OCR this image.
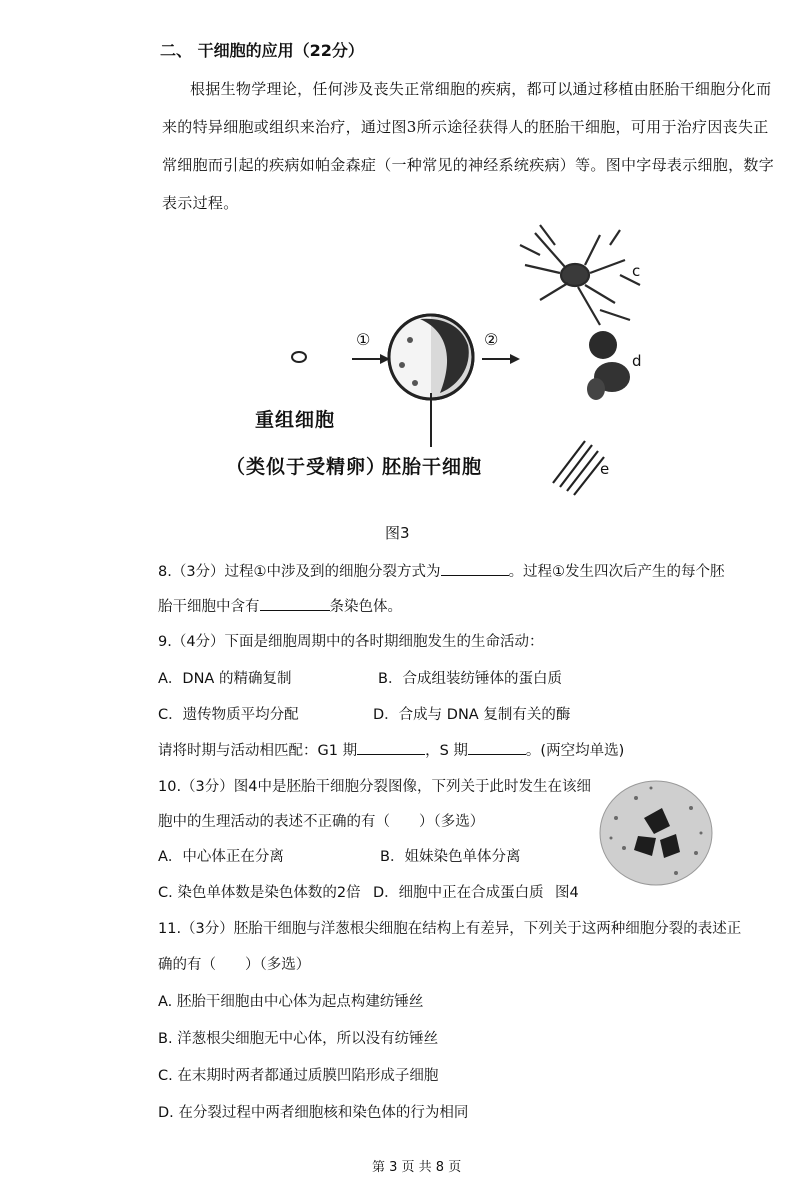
二、 干细胞的应用（22分）
根据生物学理论，任何涉及丧失正常细胞的疾病，都可以通过移植由胚胎干细胞分化而
来的特异细胞或组织来治疗，通过图3所示途径获得人的胚胎干细胞，可用于治疗因丧失正
常细胞而引起的疾病如帕金森症（一种常见的神经系统疾病）等。图中字母表示细胞，数字
表示过程。
①	②
c
d
e
重组细胞
（类似于受精卵）
胚胎干细胞
图3
8.（3分）过程①中涉及到的细胞分裂方式为	。过程①发生四次后产生的每个胚
胎干细胞中含有	条染色体。
9.（4分）下面是细胞周期中的各时期细胞发生的生命活动：
A．DNA 的精确复制	B．合成组装纺锤体的蛋白质
C．遗传物质平均分配	D．合成与 DNA 复制有关的酶
请将时期与活动相匹配：G1 期	，S 期	。(两空均单选)
10.（3分）图4中是胚胎干细胞分裂图像，下列关于此时发生在该细
胞中的生理活动的表述不正确的有（　　）（多选）
A．中心体正在分离	B．姐妹染色单体分离
C. 染色单体数是染色体数的2倍 D．细胞中正在合成蛋白质 图4
11.（3分）胚胎干细胞与洋葱根尖细胞在结构上有差异，下列关于这两种细胞分裂的表述正
确的有（　　）（多选）
A. 胚胎干细胞由中心体为起点构建纺锤丝
B. 洋葱根尖细胞无中心体，所以没有纺锤丝
C. 在末期时两者都通过质膜凹陷形成子细胞
D. 在分裂过程中两者细胞核和染色体的行为相同
第 3 页 共 8 页
